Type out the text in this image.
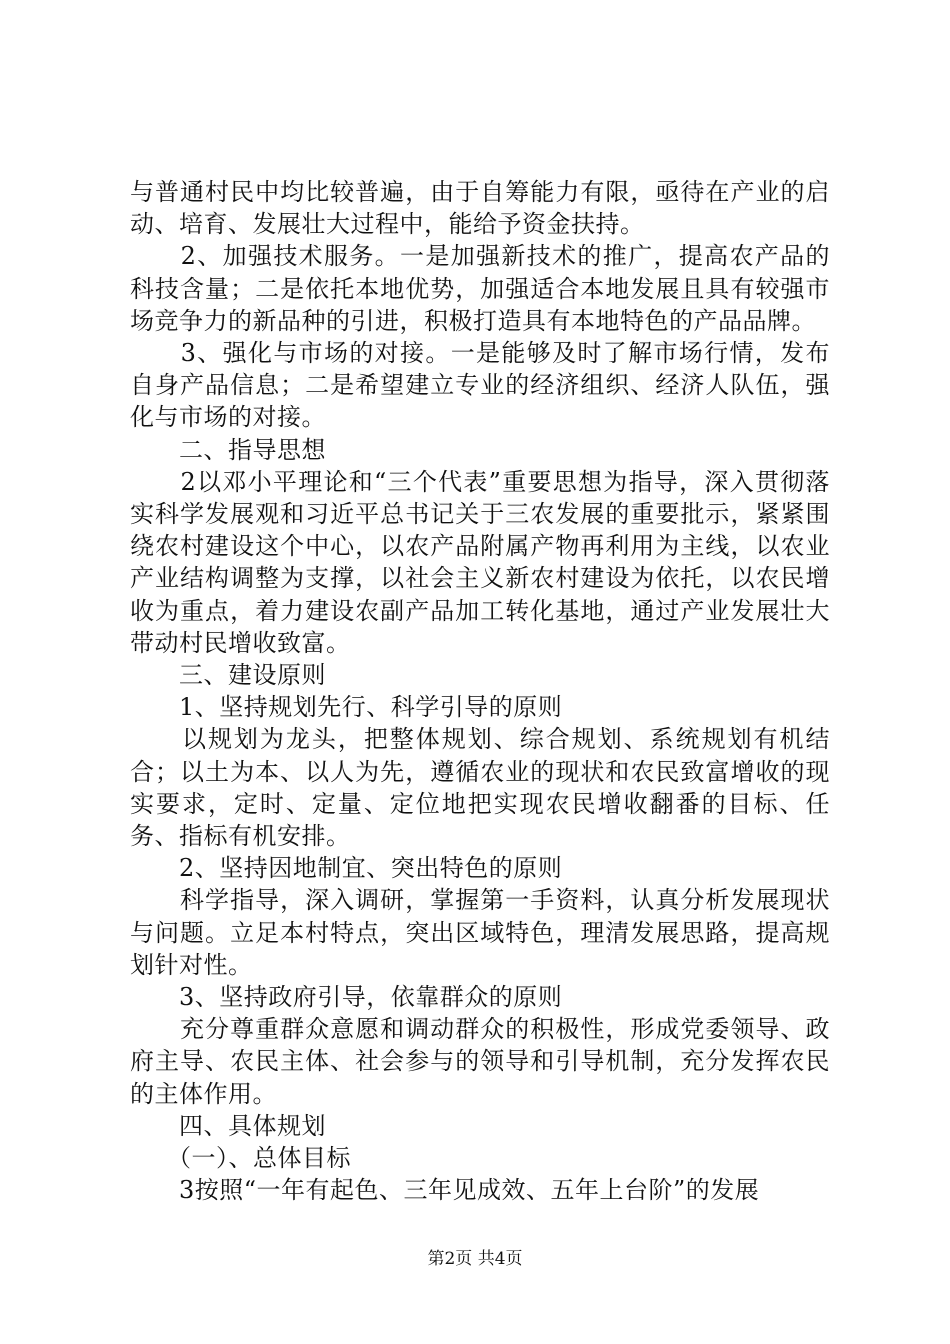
与普通村民中均比较普遍，由于自筹能力有限，亟待在产业的启动、培育、发展壮大过程中，能给予资金扶持。

　　2、加强技术服务。一是加强新技术的推广，提高农产品的科技含量；二是依托本地优势，加强适合本地发展且具有较强市场竞争力的新品种的引进，积极打造具有本地特色的产品品牌。

　　3、强化与市场的对接。一是能够及时了解市场行情，发布自身产品信息；二是希望建立专业的经济组织、经济人队伍，强化与市场的对接。

　　二、指导思想

　　2以邓小平理论和“三个代表”重要思想为指导，深入贯彻落实科学发展观和习近平总书记关于三农发展的重要批示，紧紧围绕农村建设这个中心，以农产品附属产物再利用为主线，以农业产业结构调整为支撑，以社会主义新农村建设为依托，以农民增收为重点，着力建设农副产品加工转化基地，通过产业发展壮大带动村民增收致富。

　　三、建设原则

　　1、坚持规划先行、科学引导的原则

　　以规划为龙头，把整体规划、综合规划、系统规划有机结合；以土为本、以人为先，遵循农业的现状和农民致富增收的现实要求，定时、定量、定位地把实现农民增收翻番的目标、任务、指标有机安排。

　　2、坚持因地制宜、突出特色的原则

　　科学指导，深入调研，掌握第一手资料，认真分析发展现状与问题。立足本村特点，突出区域特色，理清发展思路，提高规划针对性。

　　3、坚持政府引导，依靠群众的原则

　　充分尊重群众意愿和调动群众的积极性，形成党委领导、政府主导、农民主体、社会参与的领导和引导机制，充分发挥农民的主体作用。

　　四、具体规划

　　（一）、总体目标

　　3按照“一年有起色、三年见成效、五年上台阶”的发展

第2页 共4页
